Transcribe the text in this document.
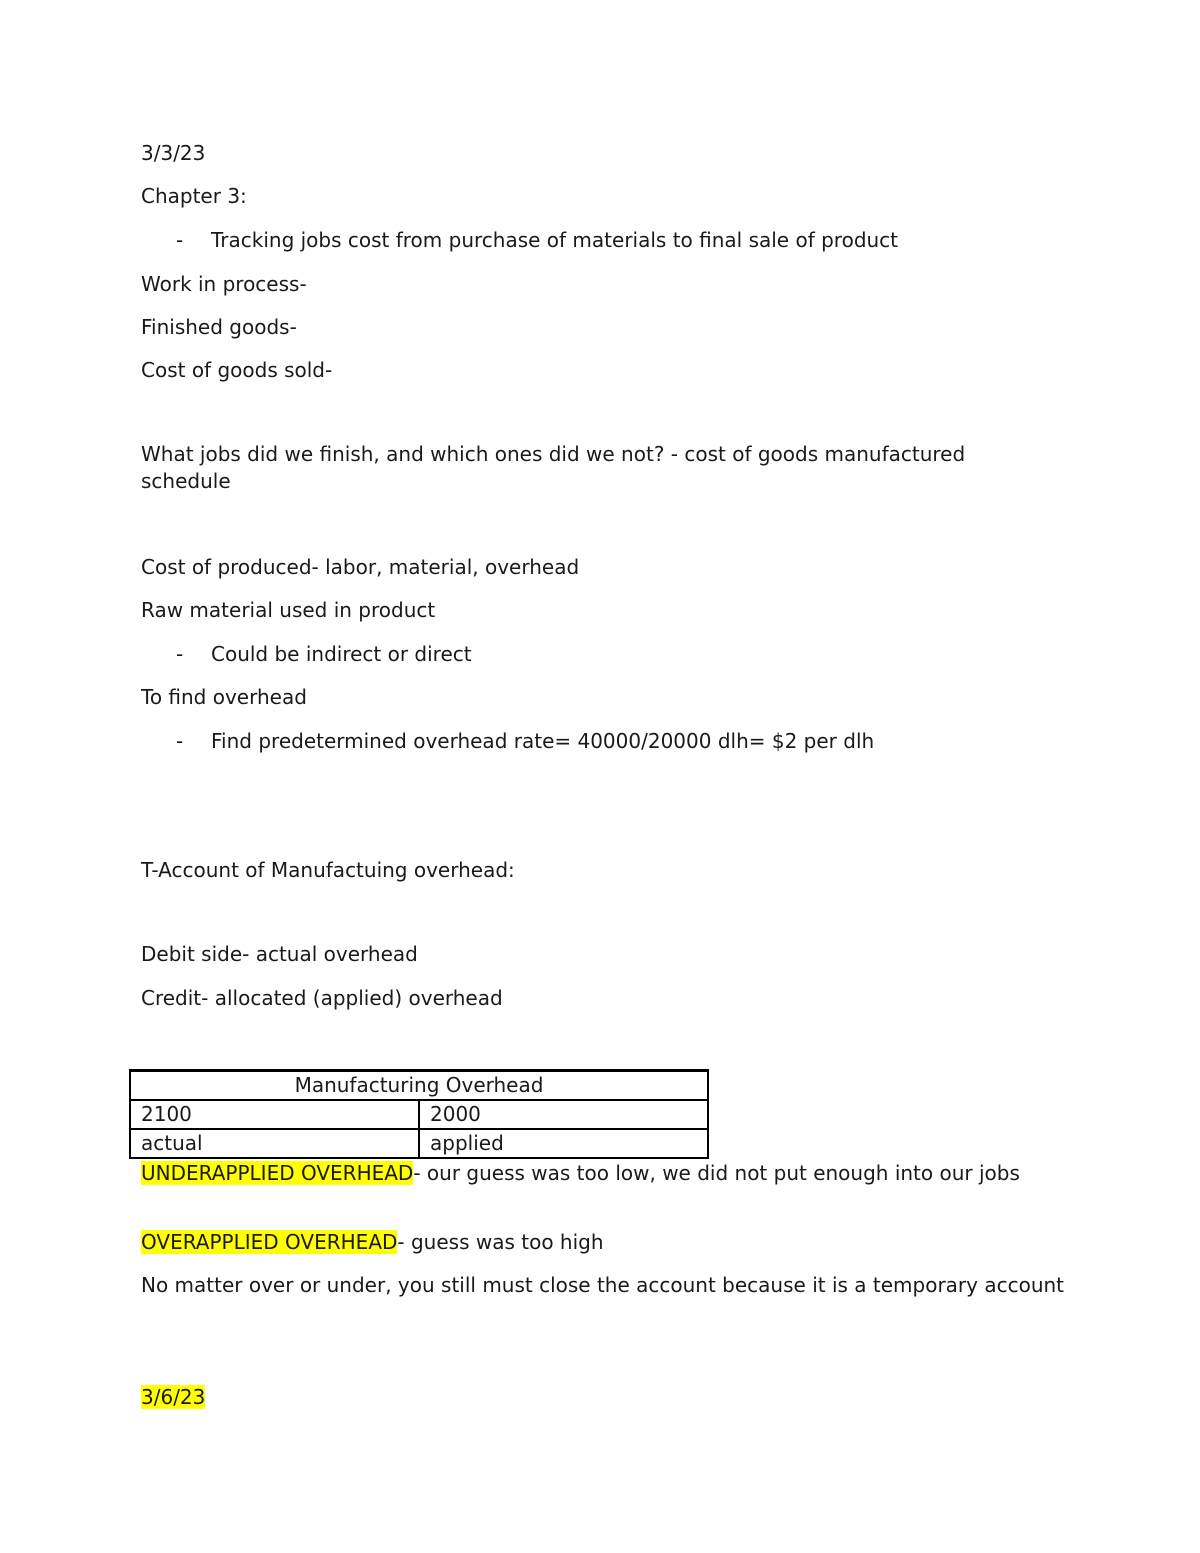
3/3/23

Chapter 3:

- Tracking jobs cost from purchase of materials to final sale of product

Work in process-

Finished goods-

Cost of goods sold-

What jobs did we finish, and which ones did we not? - cost of goods manufactured schedule

Cost of produced- labor, material, overhead

Raw material used in product

- Could be indirect or direct

To find overhead

- Find predetermined overhead rate= 40000/20000 dlh= $2 per dlh

T-Account of Manufactuing overhead:

Debit side- actual overhead

Credit- allocated (applied) overhead

Manufacturing Overhead	
2100	2000
actual	applied

UNDERAPPLIED OVERHEAD- our guess was too low, we did not put enough into our jobs

OVERAPPLIED OVERHEAD- guess was too high

No matter over or under, you still must close the account because it is a temporary account

3/6/23
